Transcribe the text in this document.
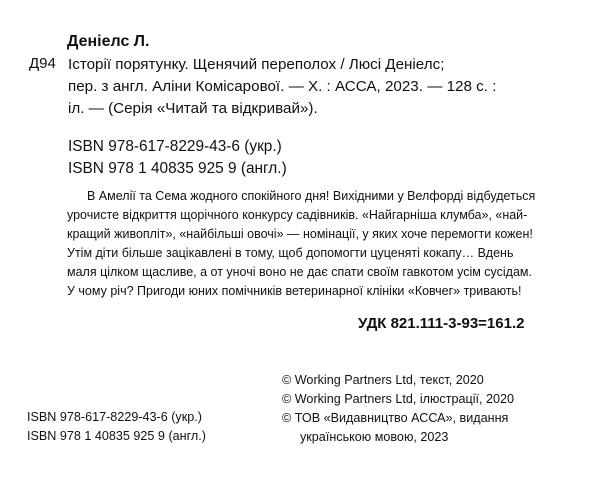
Деніелс Л.
Д94 Історії порятунку. Щенячий переполох / Люсі Деніелс;
пер. з англ. Аліни Комісарової. — Х. : АССА, 2023. — 128 с. :
іл. — (Серія «Читай та відкривай»).
ISBN 978-617-8229-43-6 (укр.)
ISBN 978 1 40835 925 9 (англ.)
В Амелії та Сема жодного спокійного дня! Вихідними у Велфорді відбудеться
урочисте відкриття щорічного конкурсу садівників. «Найгарніша клумба», «най-
кращий живопліт», «найбільші овочі» — номінації, у яких хоче перемогти кожен!
Утім діти більше зацікавлені в тому, щоб допомогти цуценяті кокапу… Вдень
маля цілком щасливе, а от уночі воно не дає спати своїм гавкотом усім сусідам.
У чому річ? Пригоди юних помічників ветеринарної клініки «Ковчег» тривають!
УДК 821.111-3-93=161.2
© Working Partners Ltd, текст, 2020
© Working Partners Ltd, ілюстрації, 2020
© ТОВ «Видавництво АССА», видання
українською мовою, 2023
ISBN 978-617-8229-43-6 (укр.)
ISBN 978 1 40835 925 9 (англ.)
